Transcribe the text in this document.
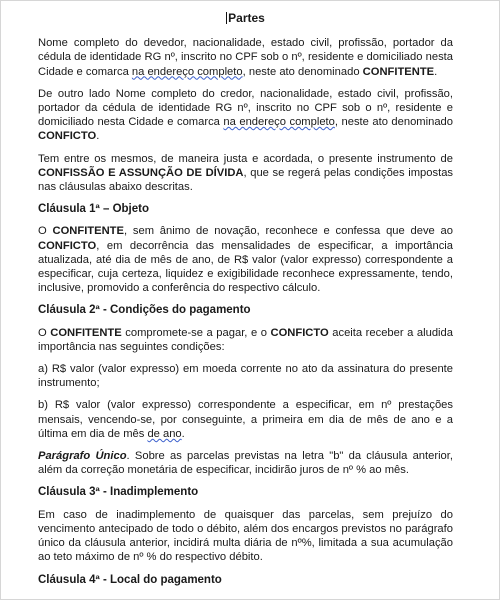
Partes

Nome completo do devedor, nacionalidade, estado civil, profissão, portador da cédula de identidade RG nº, inscrito no CPF sob o nº, residente e domiciliado nesta Cidade e comarca na endereço completo, neste ato denominado CONFITENTE.

De outro lado Nome completo do credor, nacionalidade, estado civil, profissão, portador da cédula de identidade RG nº, inscrito no CPF sob o nº, residente e domiciliado nesta Cidade e comarca na endereço completo, neste ato denominado CONFICTO.

Tem entre os mesmos, de maneira justa e acordada, o presente instrumento de CONFISSÃO E ASSUNÇÃO DE DÍVIDA, que se regerá pelas condições impostas nas cláusulas abaixo descritas.

Cláusula 1ª – Objeto

O CONFITENTE, sem ânimo de novação, reconhece e confessa que deve ao CONFICTO, em decorrência das mensalidades de especificar, a importância atualizada, até dia de mês de ano, de R$ valor (valor expresso) correspondente a especificar, cuja certeza, liquidez e exigibilidade reconhece expressamente, tendo, inclusive, promovido a conferência do respectivo cálculo.

Cláusula 2ª - Condições do pagamento

O CONFITENTE compromete-se a pagar, e o CONFICTO aceita receber a aludida importância nas seguintes condições:

a) R$ valor (valor expresso) em moeda corrente no ato da assinatura do presente instrumento;

b) R$ valor (valor expresso) correspondente a especificar, em nº prestações mensais, vencendo-se, por conseguinte, a primeira em dia de mês de ano e a última em dia de mês de ano.

Parágrafo Único. Sobre as parcelas previstas na letra "b" da cláusula anterior, além da correção monetária de especificar, incidirão juros de nº % ao mês.

Cláusula 3ª - Inadimplemento

Em caso de inadimplemento de quaisquer das parcelas, sem prejuízo do vencimento antecipado de todo o débito, além dos encargos previstos no parágrafo único da cláusula anterior, incidirá multa diária de nº%, limitada a sua acumulação ao teto máximo de nº % do respectivo débito.

Cláusula 4ª - Local do pagamento
